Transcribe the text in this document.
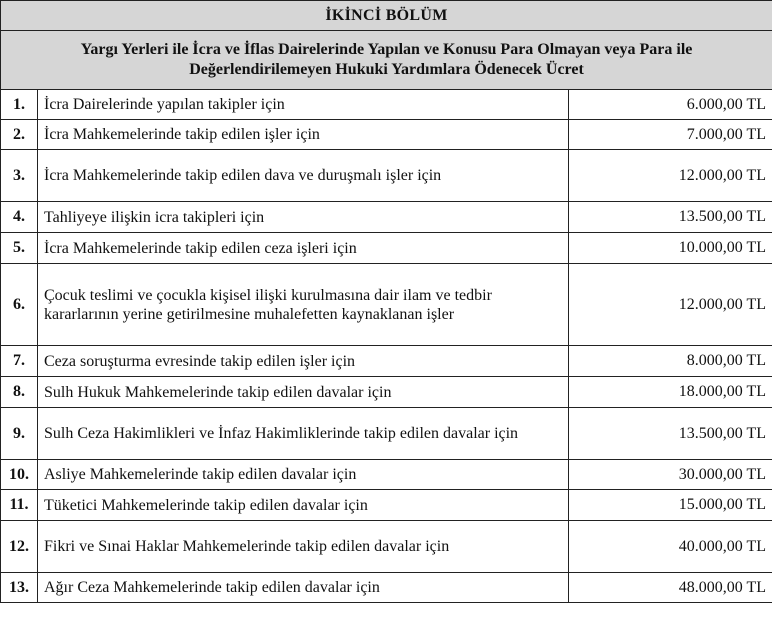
İKİNCİ BÖLÜM		

Yargı Yerleri ile İcra ve İflas Dairelerinde Yapılan ve Konusu Para Olmayan veya Para ile
Değerlendirilemeyen Hukuki Yardımlara Ödenecek Ücret		

1.	İcra Dairelerinde yapılan takipler için	6.000,00 TL
2.	İcra Mahkemelerinde takip edilen işler için	7.000,00 TL
3.	İcra Mahkemelerinde takip edilen dava ve duruşmalı işler için	12.000,00 TL
4.	Tahliyeye ilişkin icra takipleri için	13.500,00 TL
5.	İcra Mahkemelerinde takip edilen ceza işleri için	10.000,00 TL
6.	Çocuk teslimi ve çocukla kişisel ilişki kurulmasına dair ilam ve tedbir kararlarının yerine getirilmesine muhalefetten kaynaklanan işler	12.000,00 TL
7.	Ceza soruşturma evresinde takip edilen işler için	8.000,00 TL
8.	Sulh Hukuk Mahkemelerinde takip edilen davalar için	18.000,00 TL
9.	Sulh Ceza Hakimlikleri ve İnfaz Hakimliklerinde takip edilen davalar için	13.500,00 TL
10.	Asliye Mahkemelerinde takip edilen davalar için	30.000,00 TL
11.	Tüketici Mahkemelerinde takip edilen davalar için	15.000,00 TL
12.	Fikri ve Sınai Haklar Mahkemelerinde takip edilen davalar için	40.000,00 TL
13.	Ağır Ceza Mahkemelerinde takip edilen davalar için	48.000,00 TL
